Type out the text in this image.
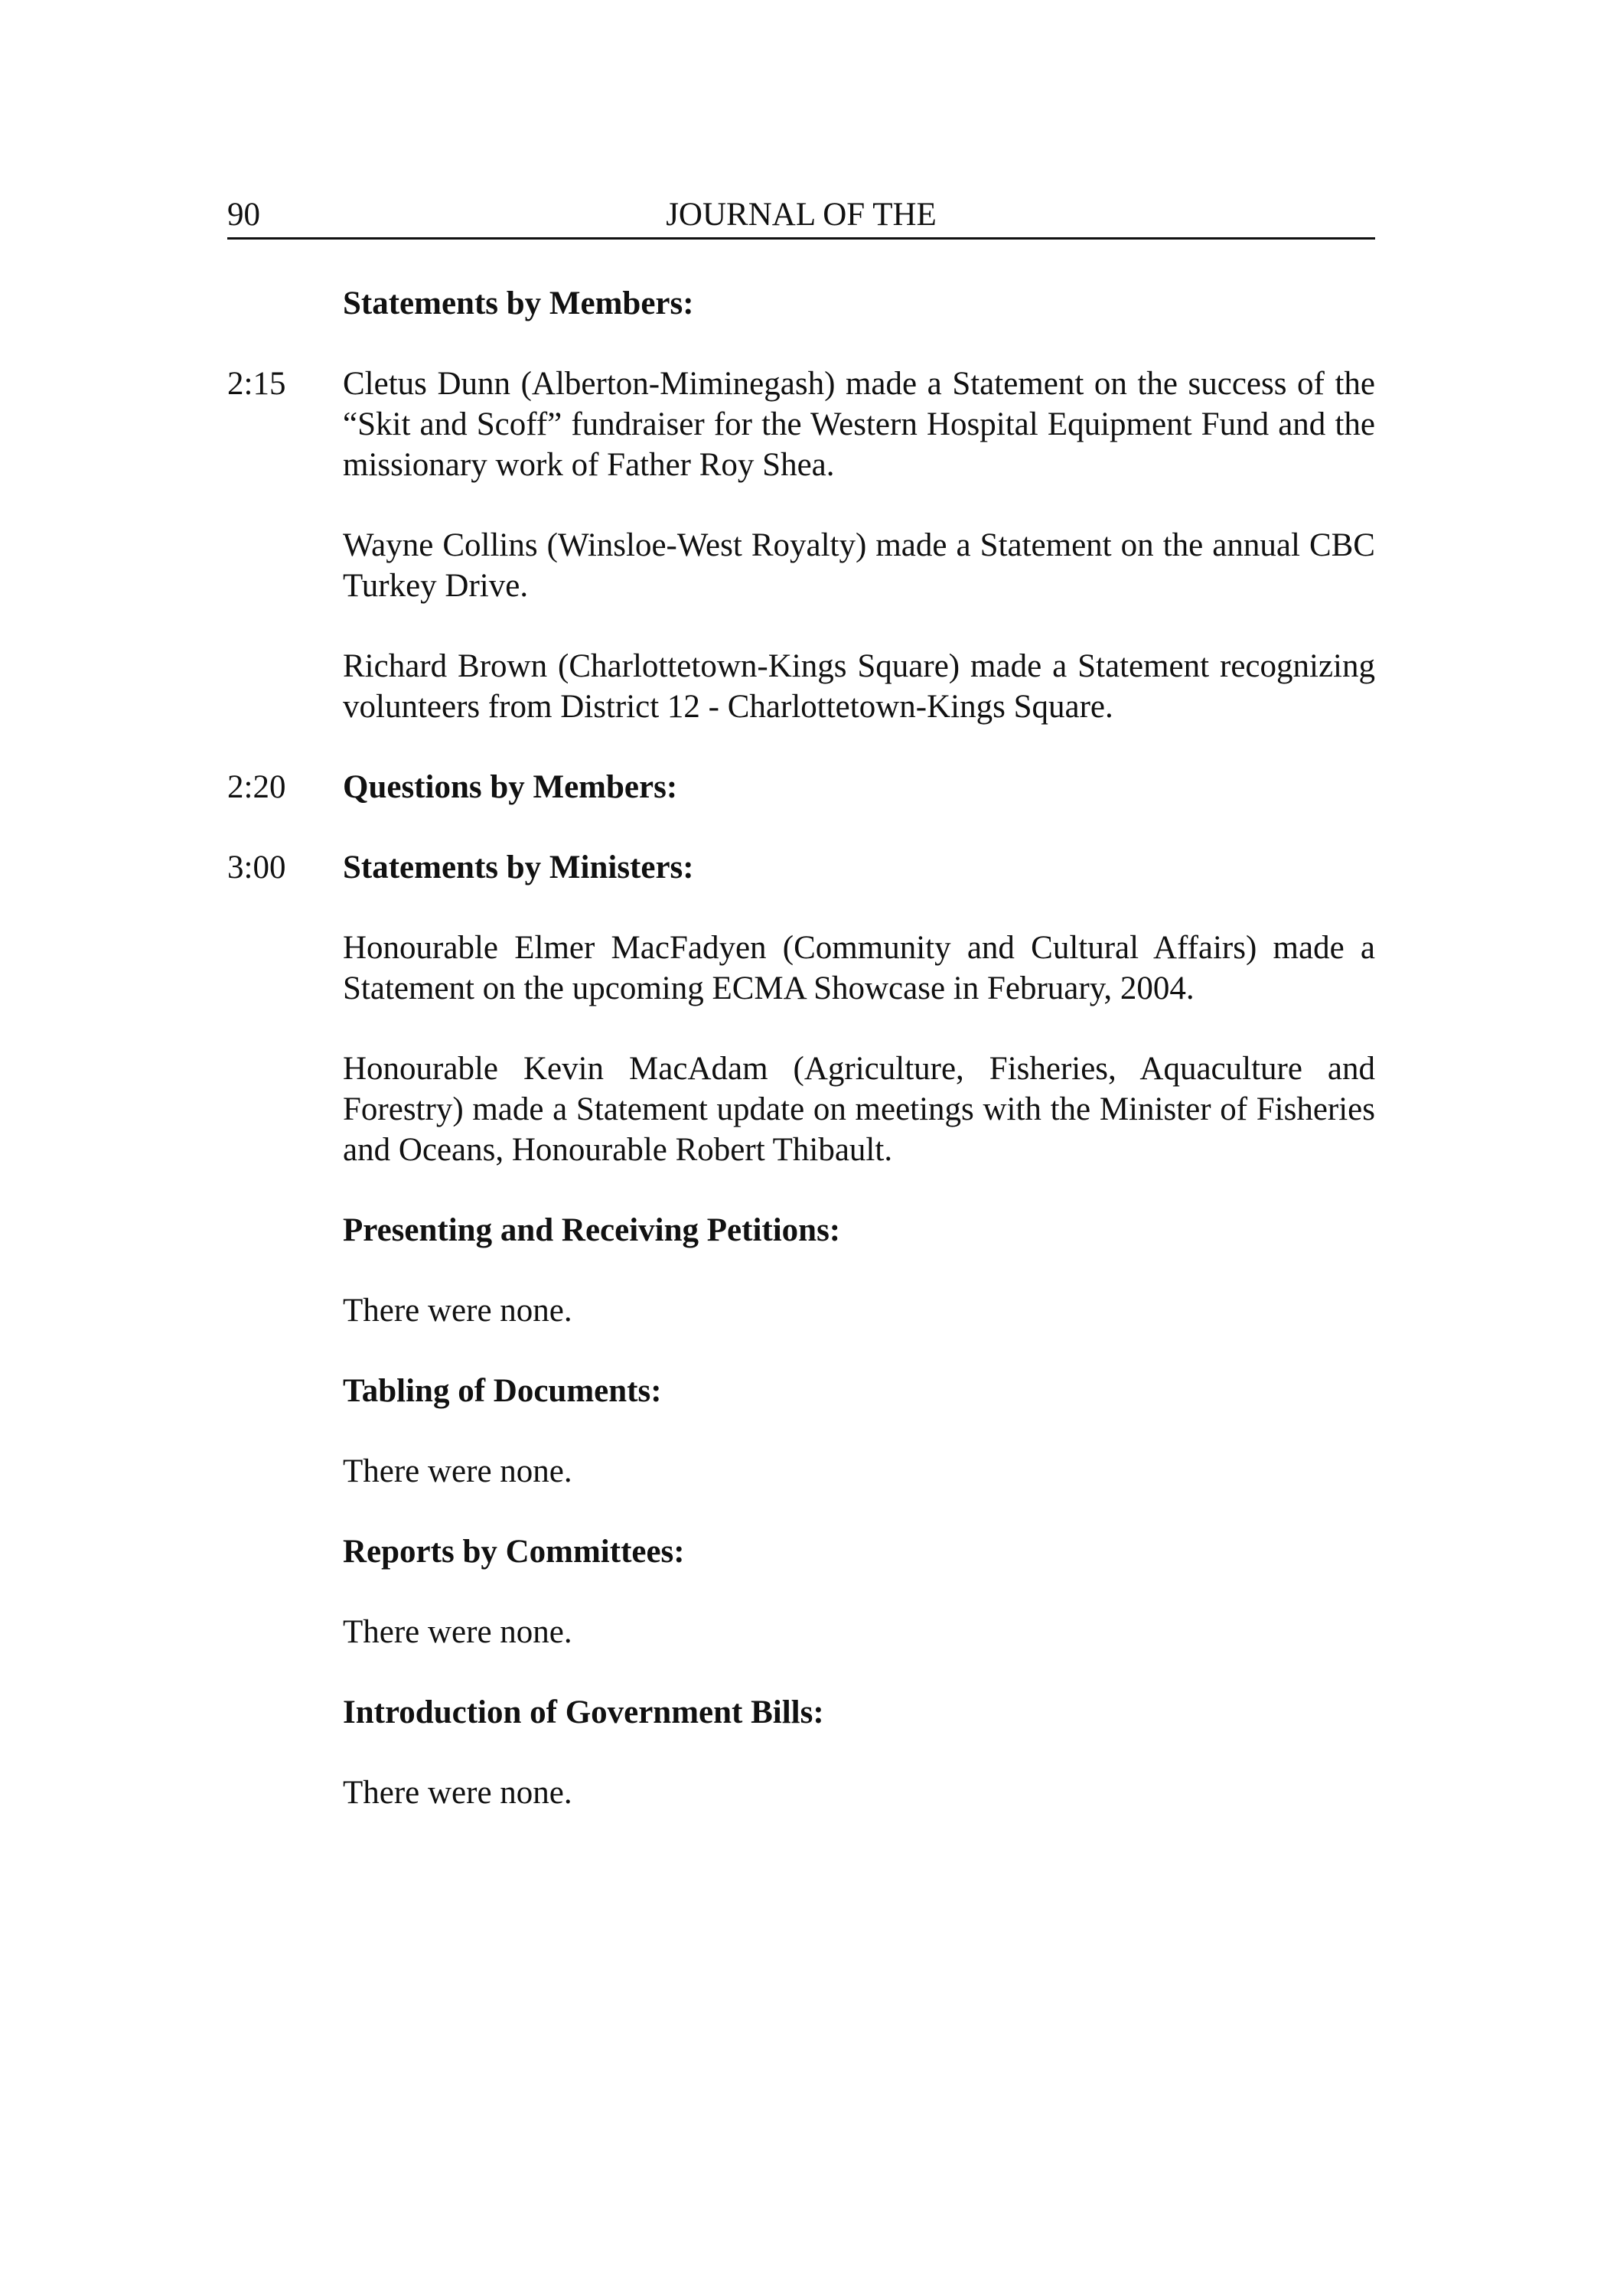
90	JOURNAL OF THE
Statements by Members:
2:15 Cletus Dunn (Alberton-Miminegash) made a Statement on the success of the “Skit and Scoff” fundraiser for the Western Hospital Equipment Fund and the missionary work of Father Roy Shea.

Wayne Collins (Winsloe-West Royalty) made a Statement on the annual CBC Turkey Drive.

Richard Brown (Charlottetown-Kings Square) made a Statement recognizing volunteers from District 12 - Charlottetown-Kings Square.

2:20 Questions by Members:
3:00 Statements by Ministers:

Honourable Elmer MacFadyen (Community and Cultural Affairs) made a Statement on the upcoming ECMA Showcase in February, 2004.

Honourable Kevin MacAdam (Agriculture, Fisheries, Aquaculture and Forestry) made a Statement update on meetings with the Minister of Fisheries and Oceans, Honourable Robert Thibault.

Presenting and Receiving Petitions:

There were none.

Tabling of Documents:

There were none.

Reports by Committees:

There were none.

Introduction of Government Bills:

There were none.
